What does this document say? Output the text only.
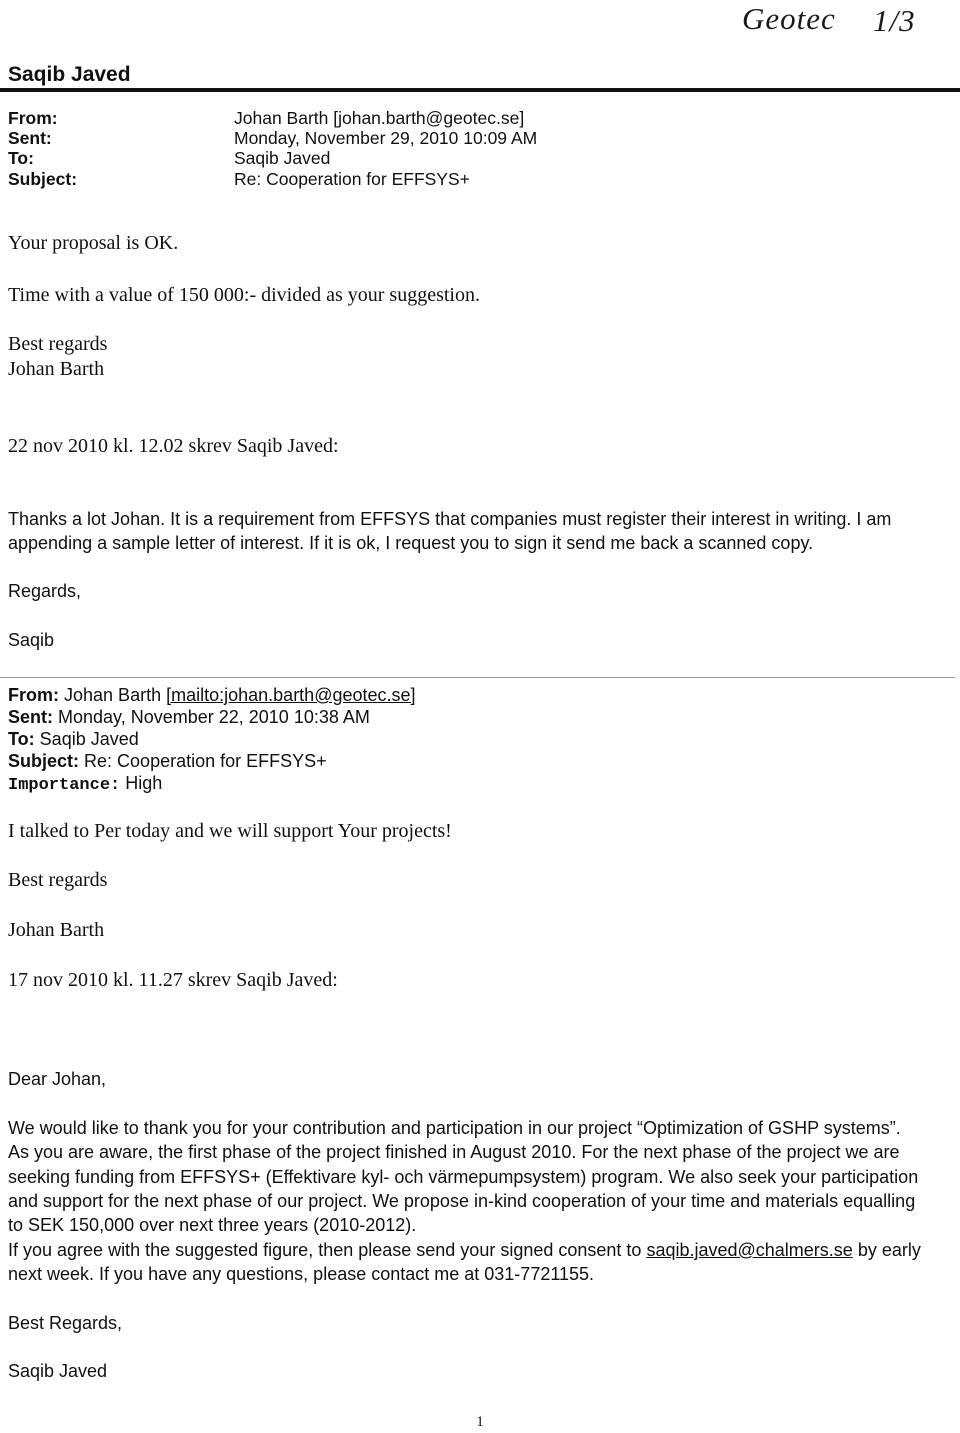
Geotec 1/3
Saqib Javed
From:	Johan Barth [johan.barth@geotec.se]
Sent:	Monday, November 29, 2010 10:09 AM
To:	Saqib Javed
Subject:	Re: Cooperation for EFFSYS+
Your proposal is OK.
Time with a value of 150 000:- divided as your suggestion.
Best regards
Johan Barth
22 nov 2010 kl. 12.02 skrev Saqib Javed:
Thanks a lot Johan. It is a requirement from EFFSYS that companies must register their interest in writing. I am
appending a sample letter of interest. If it is ok, I request you to sign it send me back a scanned copy.
Regards,
Saqib
From: Johan Barth [mailto:johan.barth@geotec.se]
Sent: Monday, November 22, 2010 10:38 AM
To: Saqib Javed
Subject: Re: Cooperation for EFFSYS+
Importance: High
I talked to Per today and we will support Your projects!
Best regards
Johan Barth
17 nov 2010 kl. 11.27 skrev Saqib Javed:
Dear Johan,
We would like to thank you for your contribution and participation in our project “Optimization of GSHP systems”.
As you are aware, the first phase of the project finished in August 2010. For the next phase of the project we are
seeking funding from EFFSYS+ (Effektivare kyl- och värmepumpsystem) program. We also seek your participation
and support for the next phase of our project. We propose in-kind cooperation of your time and materials equalling
to SEK 150,000 over next three years (2010-2012).
If you agree with the suggested figure, then please send your signed consent to saqib.javed@chalmers.se by early
next week. If you have any questions, please contact me at 031-7721155.
Best Regards,
Saqib Javed
1
